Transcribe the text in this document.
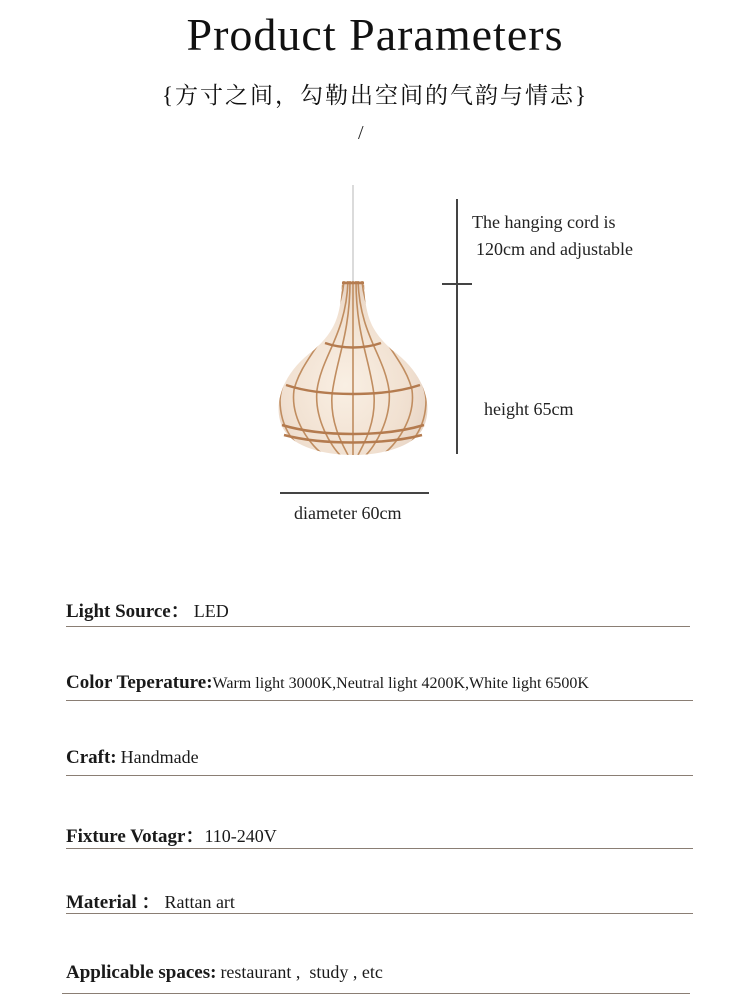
Product Parameters
{方寸之间，勾勒出空间的气韵与情志}
/
The hanging cord is
120cm and adjustable
height 65cm
diameter 60cm
Light Source： LED
Color Teperature:Warm light 3000K,Neutral light 4200K,White light 6500K
Craft: Handmade
Fixture Votagr：110-240V
Material ： Rattan art
Applicable spaces: restaurant ,  study , etc
